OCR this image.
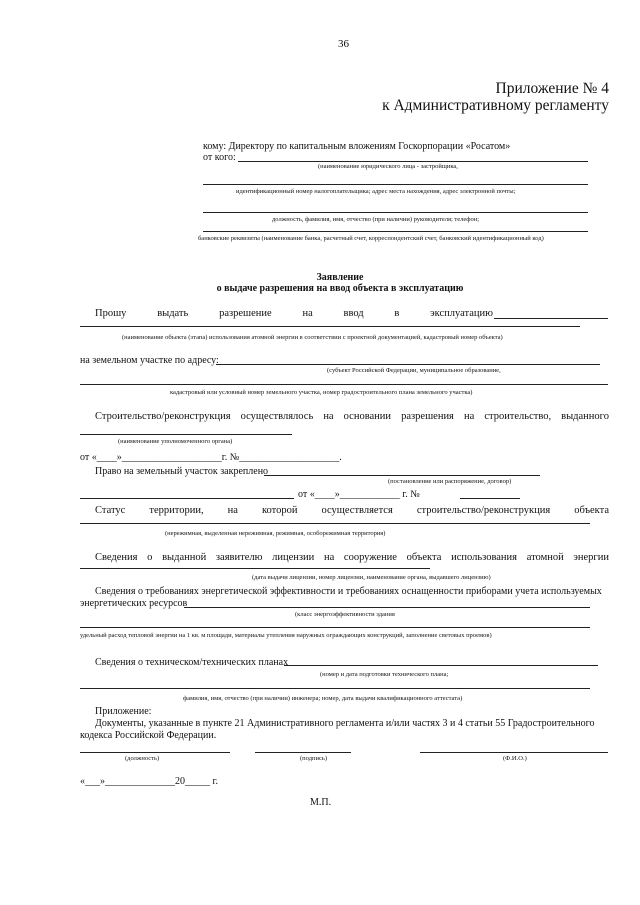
36
Приложение № 4
к Административному регламенту
кому: Директору по капитальным вложениям Госкорпорации «Росатом»
от кого:
(наименование юридического лица - застройщика,
идентификационный номер налогоплательщика; адрес места нахождения, адрес электронной почты;
должность, фамилия, имя, отчество (при наличии) руководителя; телефон;
банковские реквизиты (наименование банка, расчетный счет, корреспондентский счет, банковский идентификационный код)
Заявление
о выдаче разрешения на ввод объекта в эксплуатацию
Прошу	выдать	разрешение	на	ввод	в	эксплуатацию
(наименование объекта (этапа) использования атомной энергии в соответствии с проектной документацией, кадастровый номер объекта)
на земельном участке по адресу:
(субъект Российской Федерации, муниципальное образование,
кадастровый или условный номер земельного участка, номер градостроительного плана земельного участка)
Строительство/реконструкция осуществлялось на основании разрешения на строительство, выданного
(наименование уполномоченного органа)
от «____»____________________г. №____________________.
Право на земельный участок закреплено
(постановление или распоряжение, договор)
от «____»____________ г. №
Статус территории, на которой осуществляется строительство/реконструкция объекта
(нережимная, выделенная нережимная, режимная, особорежимная территория)
Сведения о выданной заявителю лицензии на сооружение объекта использования атомной энергии
(дата выдачи лицензии, номер лицензии, наименование органа, выдавшего лицензию)
Сведения о требованиях энергетической эффективности и требованиях оснащенности приборами учета используемых
энергетических ресурсов
(класс энергоэффективности здания
удельный расход тепловой энергии на 1 кв. м площади, материалы утепления наружных ограждающих конструкций, заполнение световых проемов)
Сведения о техническом/технических планах
(номер и дата подготовки технического плана;
фамилия, имя, отчество (при наличии) инженера; номер, дата выдачи квалификационного аттестата)
Приложение:
Документы, указанные в пункте 21 Административного регламента и/или частях 3 и 4 статьи 55 Градостроительного
кодекса Российской Федерации.
(должность)	(подпись)	(Ф.И.О.)
«___»______________20_____ г.
М.П.
